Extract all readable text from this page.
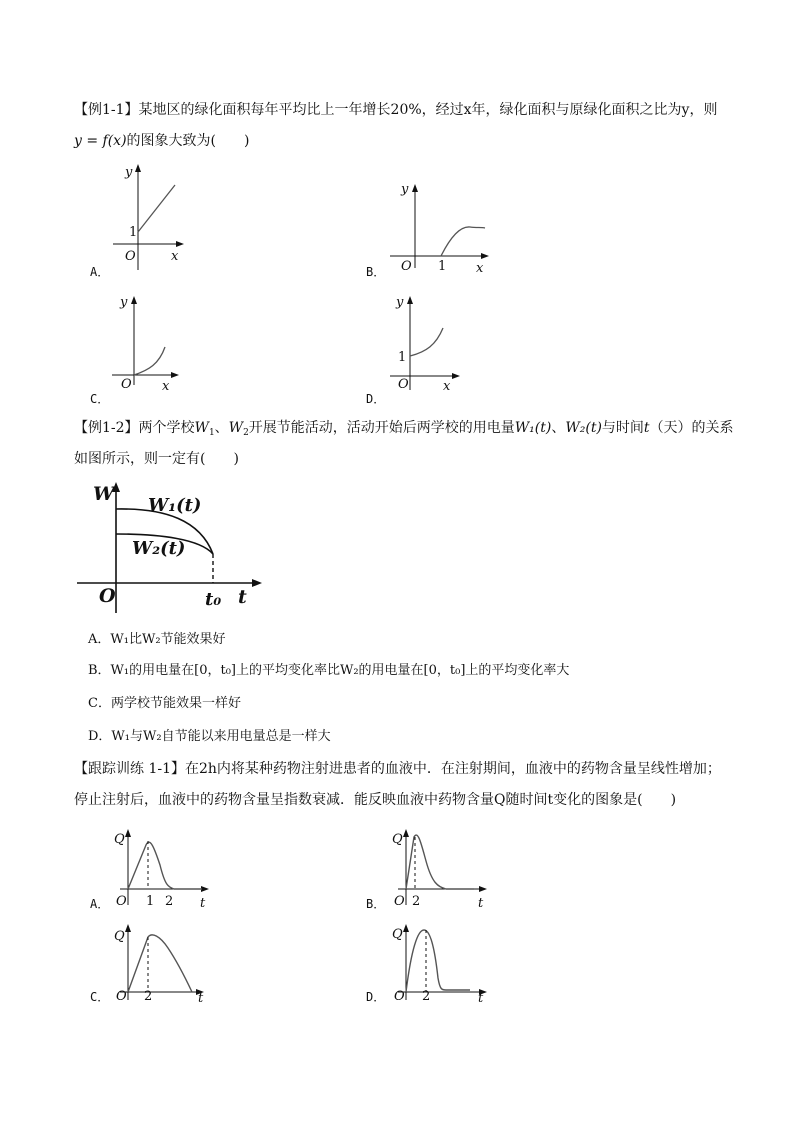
【例1-1】某地区的绿化面积每年平均比上一年增长20%，经过x年，绿化面积与原绿化面积之比为y，则
y = f(x)的图象大致为(　　)
A．
y
1
O	x
B．
y
O 1 x
C．
y
O x
D．
y
1
O	x
【例1-2】两个学校$W_1$、$W_2$开展节能活动，活动开始后两学校的用电量W₁(t)、W₂(t)与时间t（天）的关系
如图所示，则一定有(　　)
W
W₁(t)
W₂(t)
O	t₀ t
A．W₁比W₂节能效果好
B．W₁的用电量在[0，t₀]上的平均变化率比W₂的用电量在[0，t₀]上的平均变化率大
C．两学校节能效果一样好
D．W₁与W₂自节能以来用电量总是一样大
【跟踪训练 1-1】在2h内将某种药物注射进患者的血液中．在注射期间，血液中的药物含量呈线性增加；
停止注射后，血液中的药物含量呈指数衰减．能反映血液中药物含量Q随时间t变化的图象是(　　)
A．
Q
O 1 2 t	B．
Q
O 2	t
C．
Q
O 2	t	D．
Q
O 2	t
